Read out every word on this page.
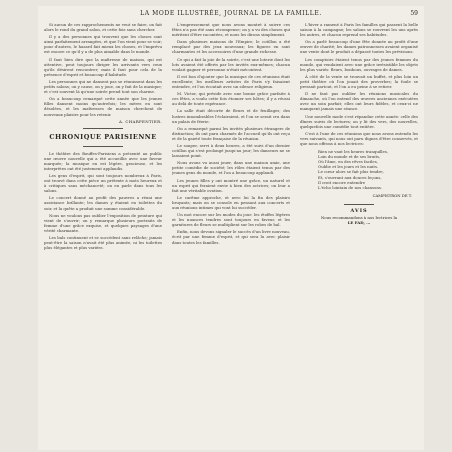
LA MODE ILLUSTRÉE, JOURNAL DE LA FAMILLE.	59

Si aucun de ces rapprochements ne veut se faire, on fait alors le rond du grand salon, et cette fois sans chercher.

Il y a des personnes qui trouvent que les choses sont ainsi parfaitement arrangées, et que l'on vient pour se voir; pour d'autres, le hasard fait mieux les choses, et l'imprévu est encore ce qu'il y a de plus aimable dans le monde.

Il faut bien dire que la maîtresse de maison, qui est attentive, peut toujours diriger les arrivants vers ceux qu'ils désirent rencontrer; mais il faut pour cela de la présence d'esprit et beaucoup d'habitude.

Les personnes qui ne dansent pas se réunissent dans les petits salons; on y cause, on y joue, on y fait de la musique; et c'est souvent là qu'une soirée prend tout son charme.

On a beaucoup remarqué cette année que les jeunes filles dansent moins qu'autrefois; les mères en sont désolées, et les maîtresses de maison cherchent de nouveaux plaisirs pour les retenir.

A. CHARPENTIER.
CHRONIQUE PARISIENNE

Le théâtre des Bouffes-Parisiens a présenté au public une œuvre nouvelle qui a été accueillie avec une faveur marquée; la musique en est légère, gracieuse, et les interprètes ont été justement applaudis.

Les gens d'esprit, qui sont toujours nombreux à Paris, ont trouvé dans cette pièce un prétexte à mots heureux et à critiques sans méchanceté; on en parle dans tous les salons.

Le concert donné au profit des pauvres a réuni une assistance brillante; les dames y étaient en toilettes du soir, et la quête a produit une somme considérable.

Nous ne voulons pas oublier l'exposition de peinture qui vient de s'ouvrir; on y remarque plusieurs portraits de femme d'une grâce exquise, et quelques paysages d'une vérité charmante.

Les bals continuent et se succèdent sans relâche; jamais peut-être la saison n'avait été plus animée, ni les toilettes plus élégantes et plus variées.

L'empressement que nous avons montré à suivre ces fêtes n'a pas été sans récompense; on y a vu des choses qui méritent d'être racontées, et nous les dirons simplement.

Dans plusieurs maisons de l'Empire, le cotillon a été remplacé par des jeux nouveaux; les figures en sont charmantes et les accessoires d'une grande richesse.

Ce qui a fait la joie de la soirée, c'est une loterie dont les lots avaient été offerts par les invités eux-mêmes; chacun voulait gagner et personne n'était mécontent.

Il est bon d'ajouter que la musique de ces réunions était excellente; les meilleurs artistes de Paris s'y faisaient entendre, et l'on écoutait avec un silence religieux.

M. Victor, qui préside avec une bonne grâce parfaite à ces fêtes, a voulu cette fois étonner ses hôtes; il y a réussi au delà de toute espérance.

La salle était décorée de fleurs et de feuillages; des lustres innombrables l'éclairaient, et l'on se serait cru dans un palais de féerie.

On a remarqué parmi les invités plusieurs étrangers de distinction; ils ont paru charmés de l'accueil qu'ils ont reçu et de la gaieté toute française de la réunion.

Le souper, servi à deux heures, a été suivi d'un dernier cotillon qui s'est prolongé jusqu'au jour; les danseurs ne se lassaient point.

Nous avons vu aussi jouer, dans une maison amie, une petite comédie de société; les rôles étaient tenus par des jeunes gens du monde, et l'on a beaucoup applaudi.

Les jeunes filles y ont montré une grâce, un naturel et un esprit qui feraient envie à bien des actrices; on leur a fait une véritable ovation.

Le carême approche, et avec lui la fin des plaisirs bruyants; mais on se console en pensant aux concerts et aux réunions intimes qui vont lui succéder.

Un mot encore sur les modes du jour: les étoffes légères et les nuances tendres sont toujours en faveur, et les garnitures de fleurs se multiplient sur les robes de bal.

Enfin, nous devons signaler le succès d'un livre nouveau, écrit par une femme d'esprit, et qui sera lu avec plaisir dans toutes les familles.

L'hiver a ramené à Paris les familles qui passent la belle saison à la campagne; les salons se rouvrent les uns après les autres, et chacun reprend ses habitudes.

On a parlé beaucoup d'une fête donnée au profit d'une œuvre de charité; les dames patronnesses avaient organisé une vente dont le produit a dépassé toutes les prévisions.

Les comptoirs étaient tenus par des jeunes femmes du monde, qui vendaient avec une grâce irrésistible les objets les plus variés: fleurs, bonbons, ouvrages de dames.

À côté de la vente se trouvait un buffet, et plus loin un petit théâtre où l'on jouait des proverbes; la foule se pressait partout, et l'on a eu peine à se retirer.

Il ne faut pas oublier les réunions musicales du dimanche, où l'on entend des œuvres anciennes exécutées avec un soin parfait; elles ont leurs fidèles, et ceux-ci ne manquent jamais une séance.

Une nouvelle mode s'est répandue cette année: celle des dîners suivis de lectures; on y lit des vers, des nouvelles, quelquefois une comédie tout entière.

C'est à l'une de ces réunions que nous avons entendu les vers suivants, qui nous ont paru dignes d'être conservés, et que nous offrons à nos lectrices:

Rien ne vaut les heures tranquilles,
Loin du monde et de ses bruits,
Où l'âme, en des rêves faciles,
Oublie et les jours et les nuits.
Le cœur alors se fait plus tendre,
Et, s'ouvrant aux douces leçons,
Il croit encore entendre
L'écho lointain de nos chansons.
CAMPISTRON DE T.
AVIS
Nous recommandons à nos lectrices la
LE FAD, ...
